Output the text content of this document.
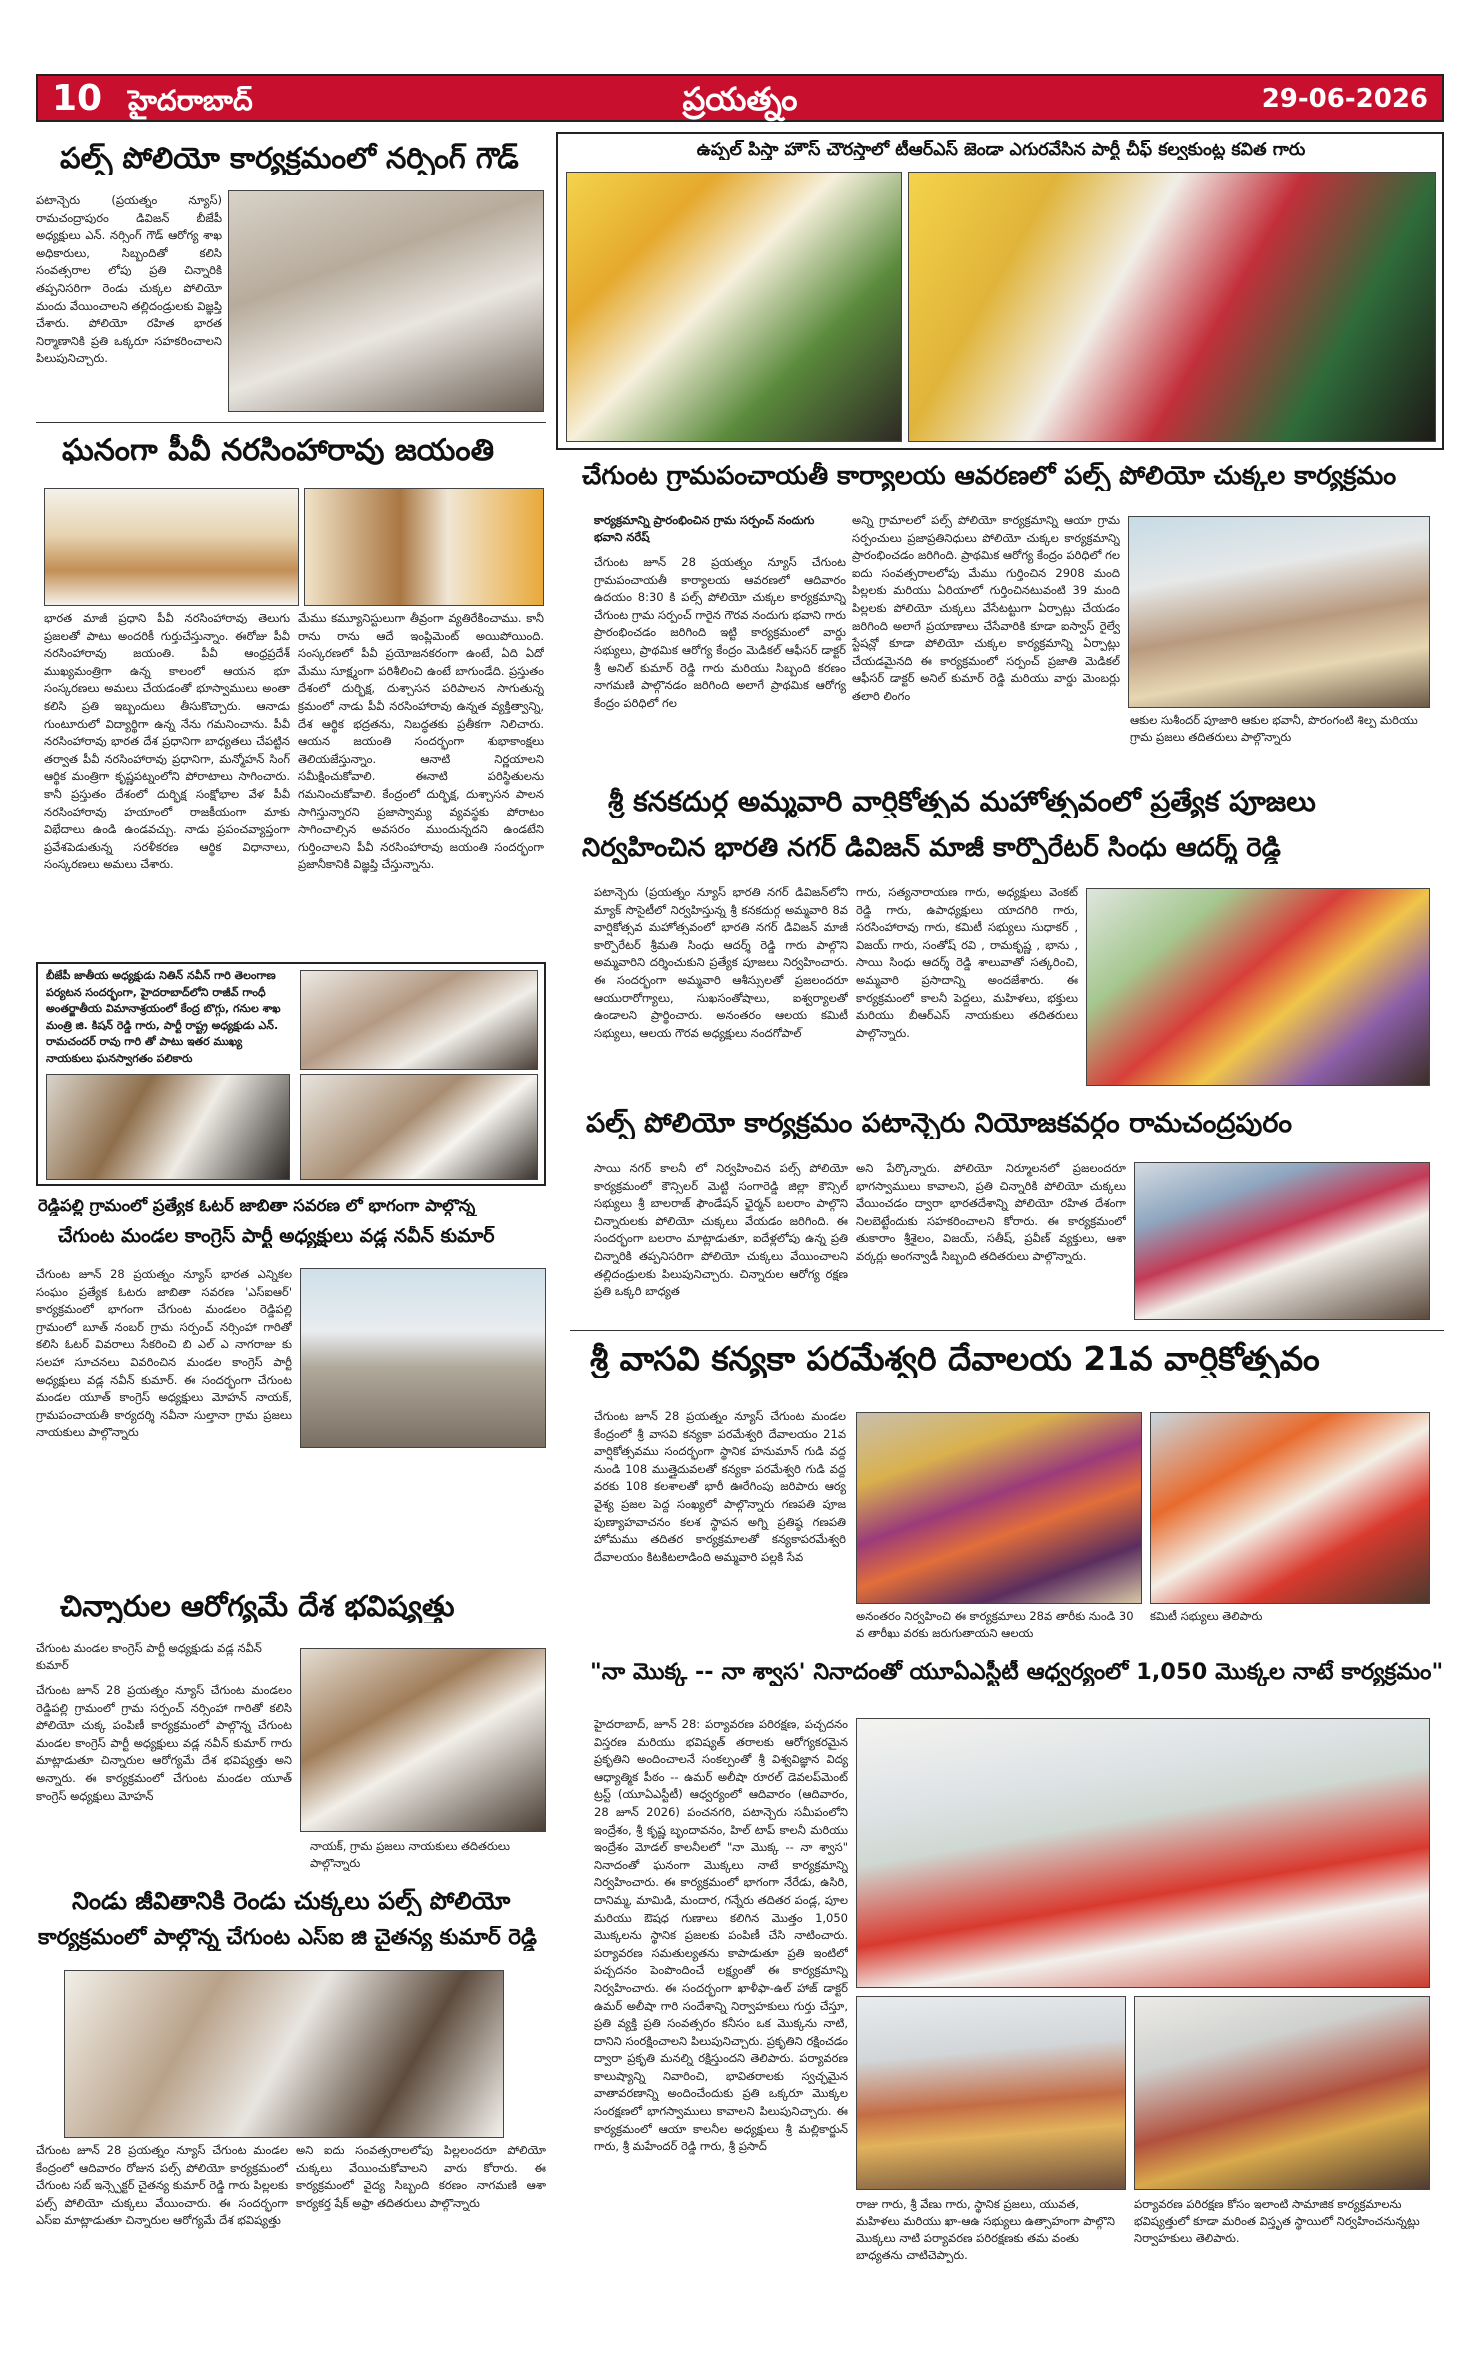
10 హైదరాబాద్	ప్రయత్నం	29-06-2026
పల్స్ పోలియో కార్యక్రమంలో నర్సింగ్ గౌడ్
పటాన్చెరు (ప్రయత్నం న్యూస్) రామచంద్రాపురం డివిజన్ బీజేపీ అధ్యక్షులు ఎన్. నర్సింగ్ గౌడ్ ఆరోగ్య శాఖ అధికారులు, సిబ్బందితో కలిసి సంవత్సరాల లోపు ప్రతి చిన్నారికి తప్పనిసరిగా రెండు చుక్కల పోలియో మందు వేయించాలని తల్లిదండ్రులకు విజ్ఞప్తి చేశారు. పోలియో రహిత భారత నిర్మాణానికి ప్రతి ఒక్కరూ సహకరించాలని పిలుపునిచ్చారు.
ఘనంగా పీవీ నరసింహారావు జయంతి
భారత మాజీ ప్రధాని పీవీ నరసింహారావు తెలుగు ప్రజలతో పాటు అందరికీ గుర్తుచేస్తున్నాం. ఈరోజు పీవీ నరసింహారావు జయంతి. పీవీ ఆంధ్రప్రదేశ్ ముఖ్యమంత్రిగా ఉన్న కాలంలో ఆయన భూ సంస్కరణలు అమలు చేయడంతో భూస్వాములు అంతా కలిసి ప్రతి ఇబ్బందులు తీసుకొచ్చారు. ఆనాడు గుంటూరులో విద్యార్థిగా ఉన్న నేను గమనించాను. పీవీ నరసింహారావు భారత దేశ ప్రధానిగా బాధ్యతలు చేపట్టిన తర్వాత పీవీ నరసింహారావు ప్రధానిగా, మన్మోహన్ సింగ్ ఆర్థిక మంత్రిగా కృష్ణపట్నంలోని పోరాటాలు సాగించారు. కానీ ప్రస్తుతం దేశంలో దుర్భిక్ష సంక్షోభాల వేళ పీవీ నరసింహారావు హయాంలో రాజకీయంగా మాకు విభేదాలు ఉండి ఉండవచ్చు. నాడు ప్రపంచవ్యాప్తంగా ప్రవేశపెడుతున్న సరళీకరణ ఆర్థిక విధానాలు, సంస్కరణలు అమలు చేశారు.
మేము కమ్యూనిస్టులుగా తీవ్రంగా వ్యతిరేకించాము. కానీ రాను రాను ఆదే ఇంప్లిమెంట్ అయిపోయింది. సంస్కరణలో పీవీ ప్రయోజనకరంగా ఉంటే, ఏది ఏదో మేము సూక్ష్మంగా పరిశీలించి ఉంటే బాగుండేది. ప్రస్తుతం దేశంలో దుర్భిక్ష, దుశ్చాసన పరిపాలన సాగుతున్న క్రమంలో నాడు పీవీ నరసింహారావు ఉన్నత వ్యక్తిత్వాన్ని, దేశ ఆర్థిక భద్రతను, నిబద్ధతకు ప్రతీకగా నిలిచారు. ఆయన జయంతి సందర్భంగా శుభాకాంక్షలు తెలియజేస్తున్నాం. ఆనాటి నిర్ణయాలని సమీక్షించుకోవాలి. ఈనాటి పరిస్థితులను గమనించుకోవాలి. కేంద్రంలో దుర్భిక్ష, దుశ్చాసన పాలన సాగిస్తున్నారని ప్రజాస్వామ్య వ్యవస్థకు పోరాటం సాగించాల్సిన అవసరం ముందున్నదని ఉండటేని గుర్తించాలని పీవీ నరసింహారావు జయంతి సందర్భంగా ప్రజానీకానికి విజ్ఞప్తి చేస్తున్నాను.
బీజేపీ జాతీయ అధ్యక్షుడు నితిన్ నవీన్ గారి తెలంగాణ పర్యటన సందర్భంగా, హైదరాబాద్‌లోని రాజీవ్ గాంధీ అంతర్జాతీయ విమానాశ్రయంలో కేంద్ర బొగ్గు, గనుల శాఖ మంత్రి జి. కిషన్ రెడ్డి గారు, పార్టీ రాష్ట్ర అధ్యక్షుడు ఎన్. రామచందర్ రావు గారి తో పాటు ఇతర ముఖ్య నాయకులు ఘనస్వాగతం పలికారు
రెడ్డిపల్లి గ్రామంలో ప్రత్యేక ఓటర్ జాబితా సవరణ లో భాగంగా పాల్గొన్న
చేగుంట మండల కాంగ్రెస్ పార్టీ అధ్యక్షులు వడ్ల నవీన్ కుమార్
చేగుంట జూన్ 28 ప్రయత్నం న్యూస్ భారత ఎన్నికల సంఘం ప్రత్యేక ఓటరు జాబితా సవరణ 'ఎస్ఐఆర్' కార్యక్రమంలో భాగంగా చేగుంట మండలం రెడ్డిపల్లి గ్రామంలో బూత్ నంబర్ గ్రామ సర్పంచ్ నర్సింహా గారితో కలిసి ఓటర్ వివరాలు సేకరించి బి ఎల్ ఎ నాగరాజు కు సలహా సూచనలు వివరించిన మండల కాంగ్రెస్ పార్టీ అధ్యక్షులు వడ్ల నవీన్ కుమార్. ఈ సందర్భంగా చేగుంట మండల యూత్ కాంగ్రెస్ అధ్యక్షులు మోహన్ నాయక్, గ్రామపంచాయతీ కార్యదర్శి నవీనా సుల్తానా గ్రామ ప్రజలు నాయకులు పాల్గొన్నారు
చిన్నారుల ఆరోగ్యమే దేశ భవిష్యత్తు
చేగుంట మండల కాంగ్రెస్ పార్టీ అధ్యక్షుడు వడ్ల నవీన్ కుమార్
చేగుంట జూన్ 28 ప్రయత్నం న్యూస్ చేగుంట మండలం రెడ్డిపల్లి గ్రామంలో గ్రామ సర్పంచ్ నర్సింహా గారితో కలిసి పోలియో చుక్క పంపిణీ కార్యక్రమంలో పాల్గొన్న చేగుంట మండల కాంగ్రెస్ పార్టీ అధ్యక్షులు వడ్ల నవీన్ కుమార్ గారు మాట్లాడుతూ చిన్నారుల ఆరోగ్యమే దేశ భవిష్యత్తు అని అన్నారు. ఈ కార్యక్రమంలో చేగుంట మండల యూత్ కాంగ్రెస్ అధ్యక్షులు మోహన్
నాయక్, గ్రామ ప్రజలు నాయకులు తదితరులు పాల్గొన్నారు
నిండు జీవితానికి రెండు చుక్కలు పల్స్ పోలియో
కార్యక్రమంలో పాల్గొన్న చేగుంట ఎస్ఐ జి చైతన్య కుమార్ రెడ్డి
చేగుంట జూన్ 28 ప్రయత్నం న్యూస్ చేగుంట మండల కేంద్రంలో ఆదివారం రోజున పల్స్ పోలియో కార్యక్రమంలో చేగుంట సబ్ ఇన్స్పెక్టర్ చైతన్య కుమార్ రెడ్డి గారు పిల్లలకు పల్స్ పోలియో చుక్కలు వేయించారు. ఈ సందర్భంగా ఎస్ఐ మాట్లాడుతూ చిన్నారుల ఆరోగ్యమే దేశ భవిష్యత్తు
అని ఐదు సంవత్సరాలలోపు పిల్లలందరూ పోలియో చుక్కలు వేయించుకోవాలని వారు కోరారు. ఈ కార్యక్రమంలో వైద్య సిబ్బంది కరణం నాగమణి ఆశా కార్యకర్త షేక్ అఫ్రా తదితరులు పాల్గొన్నారు
ఉప్పల్ పిస్తా హౌస్ చౌరస్తాలో టీఆర్ఎస్ జెండా ఎగురవేసిన పార్టీ చీఫ్ కల్వకుంట్ల కవిత గారు
చేగుంట గ్రామపంచాయతీ కార్యాలయ ఆవరణలో పల్స్ పోలియో చుక్కల కార్యక్రమం
కార్యక్రమాన్ని ప్రారంభించిన గ్రామ సర్పంచ్ నందుగు భవాని నరేష్
చేగుంట జూన్ 28 ప్రయత్నం న్యూస్ చేగుంట గ్రామపంచాయతీ కార్యాలయ ఆవరణలో ఆదివారం ఉదయం 8:30 కి పల్స్ పోలియో చుక్కల కార్యక్రమాన్ని చేగుంట గ్రామ సర్పంచ్ గారైన గౌరవ నందుగు భవాని గారు ప్రారంభించడం జరిగింది ఇట్టి కార్యక్రమంలో వార్డు సభ్యులు, ప్రాథమిక ఆరోగ్య కేంద్రం మెడికల్ ఆఫీసర్ డాక్టర్ శ్రీ అనిల్ కుమార్ రెడ్డి గారు మరియు సిబ్బంది కరణం నాగమణి పాల్గొనడం జరిగింది అలాగే ప్రాథమిక ఆరోగ్య కేంద్రం పరిధిలో గల
అన్ని గ్రామాలలో పల్స్ పోలియో కార్యక్రమాన్ని ఆయా గ్రామ సర్పంచులు ప్రజాప్రతినిధులు పోలియో చుక్కల కార్యక్రమాన్ని ప్రారంభించడం జరిగింది. ప్రాథమిక ఆరోగ్య కేంద్రం పరిధిలో గల ఐదు సంవత్సరాలలోపు మేము గుర్తించిన 2908 మంది పిల్లలకు మరియు ఏరియాలో గుర్తించినటువంటి 39 మంది పిల్లలకు పోలియో చుక్కలు వేసేటట్టుగా ఏర్పాట్లు చేయడం జరిగింది అలాగే ప్రయాణాలు చేసేవారికి కూడా ఐస్వాస్ రైల్వే స్టేషన్లో కూడా పోలియో చుక్కల కార్యక్రమాన్ని ఏర్పాట్లు చేయడమైనది ఈ కార్యక్రమంలో సర్పంచ్ ప్రజాతి మెడికల్ ఆఫీసర్ డాక్టర్ అనిల్ కుమార్ రెడ్డి మరియు వార్డు మెంబర్లు తలారి లింగం
ఆకుల సుశీందర్ పూజారి ఆకుల భవానీ, పొరంగంటి శిల్ప మరియు గ్రామ ప్రజలు తదితరులు పాల్గొన్నారు
శ్రీ కనకదుర్గ అమ్మవారి వార్షికోత్సవ మహోత్సవంలో ప్రత్యేక పూజలు
నిర్వహించిన భారతి నగర్ డివిజన్ మాజీ కార్పొరేటర్ సింధు ఆదర్శ్ రెడ్డి
పటాన్చెరు (ప్రయత్నం న్యూస్ భారతి నగర్ డివిజన్‌లోని మ్యాక్ సొసైటీలో నిర్వహిస్తున్న శ్రీ కనకదుర్గ అమ్మవారి 8వ వార్షికోత్సవ మహోత్సవంలో భారతి నగర్ డివిజన్ మాజీ కార్పొరేటర్ శ్రీమతి సింధు ఆదర్శ్ రెడ్డి గారు పాల్గొని అమ్మవారిని దర్శించుకుని ప్రత్యేక పూజలు నిర్వహించారు. ఈ సందర్భంగా అమ్మవారి ఆశీస్సులతో ప్రజలందరూ ఆయురారోగ్యాలు, సుఖసంతోషాలు, ఐశ్వర్యాలతో ఉండాలని ప్రార్థించారు. అనంతరం ఆలయ కమిటీ సభ్యులు, ఆలయ గౌరవ అధ్యక్షులు నందగోపాల్
గారు, సత్యనారాయణ గారు, అధ్యక్షులు వెంకట్ రెడ్డి గారు, ఉపాధ్యక్షులు యాదగిరి గారు, సరసింహారావు గారు, కమిటీ సభ్యులు సుధాకర్ , విజయ్ గారు, సంతోష్ రవి , రామకృష్ణ , భాను , సాయి సింధు ఆదర్శ్ రెడ్డి శాలువాతో సత్కరించి, అమ్మవారి ప్రసాదాన్ని అందజేశారు. ఈ కార్యక్రమంలో కాలనీ పెద్దలు, మహిళలు, భక్తులు మరియు బీఆర్ఎస్ నాయకులు తదితరులు పాల్గొన్నారు.
పల్స్ పోలియో కార్యక్రమం పటాన్చెరు నియోజకవర్గం రామచంద్రపురం
సాయి నగర్ కాలనీ లో నిర్వహించిన పల్స్ పోలియో కార్యక్రమంలో కౌన్సిలర్ మెట్టి సంగారెడ్డి జిల్లా కౌన్సిల్ సభ్యులు శ్రీ బాలరాజ్ ఫౌండేషన్ ఛైర్మన్ బలరాం పాల్గొని చిన్నారులకు పోలియో చుక్కలు వేయడం జరిగింది. ఈ సందర్భంగా బలరాం మాట్లాడుతూ, ఐదేళ్లలోపు ఉన్న ప్రతి చిన్నారికి తప్పనిసరిగా పోలియో చుక్కలు వేయించాలని తల్లిదండ్రులకు పిలుపునిచ్చారు. చిన్నారుల ఆరోగ్య రక్షణ ప్రతి ఒక్కరి బాధ్యత
అని పేర్కొన్నారు. పోలియో నిర్మూలనలో ప్రజలందరూ భాగస్వాములు కావాలని, ప్రతి చిన్నారికి పోలియో చుక్కలు వేయించడం ద్వారా భారతదేశాన్ని పోలియో రహిత దేశంగా నిలబెట్టేందుకు సహకరించాలని కోరారు. ఈ కార్యక్రమంలో తుకారాం శ్రీశైలం, విజయ్, సతీష్, ప్రవీణ్ వ్యక్తులు, ఆశా వర్కర్లు అంగన్వాడీ సిబ్బంది తదితరులు పాల్గొన్నారు.
శ్రీ వాసవి కన్యకా పరమేశ్వరి దేవాలయ 21వ వార్షికోత్సవం
చేగుంట జూన్ 28 ప్రయత్నం న్యూస్ చేగుంట మండల కేంద్రంలో శ్రీ వాసవి కన్యకా పరమేశ్వరి దేవాలయం 21వ వార్షికోత్సవము సందర్భంగా స్థానిక హనుమాన్ గుడి వద్ద నుండి 108 ముత్తైదువలతో కన్యకా పరమేశ్వరి గుడి వద్ద వరకు 108 కలశాలతో భారీ ఊరేగింపు జరిపారు ఆర్య వైశ్య ప్రజల పెద్ద సంఖ్యలో పాల్గొన్నారు గణపతి పూజ పుణ్యాహవాచనం కలశ స్థాపన అగ్ని ప్రతిష్ఠ గణపతి హోమము తదితర కార్యక్రమాలతో కన్యకాపరమేశ్వరి దేవాలయం కిటకిటలాడింది అమ్మవారి పల్లకి సేవ
అనంతరం నిర్వహించి ఈ కార్యక్రమాలు 28వ తారీకు నుండి 30 వ తారీఖు వరకు జరుగుతాయని ఆలయ
కమిటీ సభ్యులు తెలిపారు
"నా మొక్క -- నా శ్వాస' నినాదంతో యూఏఎస్టీటీ ఆధ్వర్యంలో 1,050 మొక్కల నాటే కార్యక్రమం"
హైదరాబాద్, జూన్ 28: పర్యావరణ పరిరక్షణ, పచ్చదనం విస్తరణ మరియు భవిష్యత్ తరాలకు ఆరోగ్యకరమైన ప్రకృతిని అందించాలనే సంకల్పంతో శ్రీ విశ్వవిజ్ఞాన విద్య ఆధ్యాత్మిక పీఠం -- ఉమర్ అలీషా రూరల్ డెవలప్‌మెంట్ ట్రస్ట్ (యూఏఎస్టీటీ) ఆధ్వర్యంలో ఆదివారం (ఆదివారం, 28 జూన్ 2026) పంచనగరి, పటాన్చెరు సమీపంలోని ఇంద్రేశం, శ్రీ కృష్ణ బృందావనం, హిల్ టాప్ కాలనీ మరియు ఇంద్రేశం మోడల్ కాలనీలలో "నా మొక్క -- నా శ్వాస" నినాదంతో ఘనంగా మొక్కలు నాటే కార్యక్రమాన్ని నిర్వహించారు. ఈ కార్యక్రమంలో భాగంగా నేరేడు, ఉసిరి, దానిమ్మ, మామిడి, మందార, గన్నేరు తదితర పండ్ల, పూల మరియు ఔషధ గుణాలు కలిగిన మొత్తం 1,050 మొక్కలను స్థానిక ప్రజలకు పంపిణీ చేసి నాటించారు. పర్యావరణ సమతుల్యతను కాపాడుతూ ప్రతి ఇంటిలో పచ్చదనం పెంపొందించే లక్ష్యంతో ఈ కార్యక్రమాన్ని నిర్వహించారు. ఈ సందర్భంగా ఖాళీఫా-ఉల్ హాజ్ డాక్టర్ ఉమర్ అలీషా గారి సందేశాన్ని నిర్వాహకులు గుర్తు చేస్తూ, ప్రతి వ్యక్తి ప్రతి సంవత్సరం కనీసం ఒక మొక్కను నాటి, దానిని సంరక్షించాలని పిలుపునిచ్చారు. ప్రకృతిని రక్షించడం ద్వారా ప్రకృతి మనల్ని రక్షిస్తుందని తెలిపారు. పర్యావరణ కాలుష్యాన్ని నివారించి, భావితరాలకు స్వచ్ఛమైన వాతావరణాన్ని అందించేందుకు ప్రతి ఒక్కరూ మొక్కల సంరక్షణలో భాగస్వాములు కావాలని పిలుపునిచ్చారు. ఈ కార్యక్రమంలో ఆయా కాలనీల అధ్యక్షులు శ్రీ మల్లికార్జున్ గారు, శ్రీ మహేందర్ రెడ్డి గారు, శ్రీ ప్రసాద్
రాజు గారు, శ్రీ వేణు గారు, స్థానిక ప్రజలు, యువత, మహిళలు మరియు ఖా-ఆఉ సభ్యులు ఉత్సాహంగా పాల్గొని మొక్కలు నాటి పర్యావరణ పరిరక్షణకు తమ వంతు బాధ్యతను చాటిచెప్పారు.
పర్యావరణ పరిరక్షణ కోసం ఇలాంటి సామాజిక కార్యక్రమాలను భవిష్యత్తులో కూడా మరింత విస్తృత స్థాయిలో నిర్వహించనున్నట్లు నిర్వాహకులు తెలిపారు.
